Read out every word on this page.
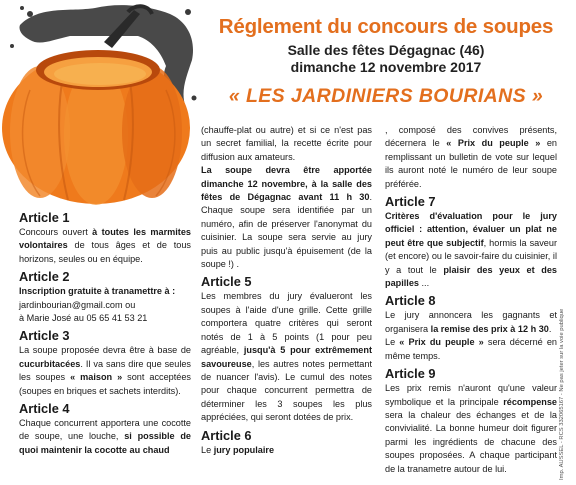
Réglement du concours de soupes

Salle des fêtes Dégagnac (46)

dimanche 12 novembre 2017

« LES JARDINIERS BOURIANS »
Article 1

Concours ouvert à toutes les marmites volontaires de tous âges et de tous horizons, seules ou en équipe.

Article 2

Inscription gratuite à tranamettre à :
jardinbourian@gmail.com ou
à Marie José au 05 65 41 53 21

Article 3

La soupe proposée devra être à base de cucurbitacées. Il va sans dire que seules les soupes « maison » sont acceptées (soupes en briques et sachets interdits).

Article 4

Chaque concurrent apportera une cocotte de soupe, une louche, si possible de quoi maintenir la cocotte au chaud

(chauffe-plat ou autre) et si ce n'est pas un secret familial, la recette écrite pour diffusion aux amateurs.

La soupe devra être apportée dimanche 12 novembre, à la salle des fêtes de Dégagnac avant 11 h 30. Chaque soupe sera identifiée par un numéro, afin de préserver l'anonymat du cuisinier. La soupe sera servie au jury puis au public jusqu'à épuisement (de la soupe !) .

Article 5

Les membres du jury évalueront les soupes à l'aide d'une grille. Cette grille comportera quatre critères qui seront notés de 1 à 5 points (1 pour peu agréable, jusqu'à 5 pour extrêmement savoureuse, les autres notes permettant de nuancer l'avis). Le cumul des notes pour chaque concurrent permettra de déterminer les 3 soupes les plus appréciées, qui seront dotées de prix.

Article 6

Le jury populaire

, composé des convives présents, décernera le « Prix du peuple » en remplissant un bulletin de vote sur lequel ils auront noté le numéro de leur soupe préférée.

Article 7

Critères d'évaluation pour le jury officiel : attention, évaluer un plat ne peut être que subjectif, hormis la saveur (et encore) ou le savoir-faire du cuisinier, il y a tout le plaisir des yeux et des papilles ...

Article 8

Le jury annoncera les gagnants et organisera la remise des prix à 12 h 30.

Le « Prix du peuple » sera décerné en même temps.

Article 9

Les prix remis n'auront qu'une valeur symbolique et la principale récompense sera la chaleur des échanges et de la convivialité. La bonne humeur doit figurer parmi les ingrédients de chacune des soupes proposées. A chaque participant de la tranametre autour de lui.	Imp. AUSSEL - RCS 332065167 - Ne pas jeter sur la voie publique
